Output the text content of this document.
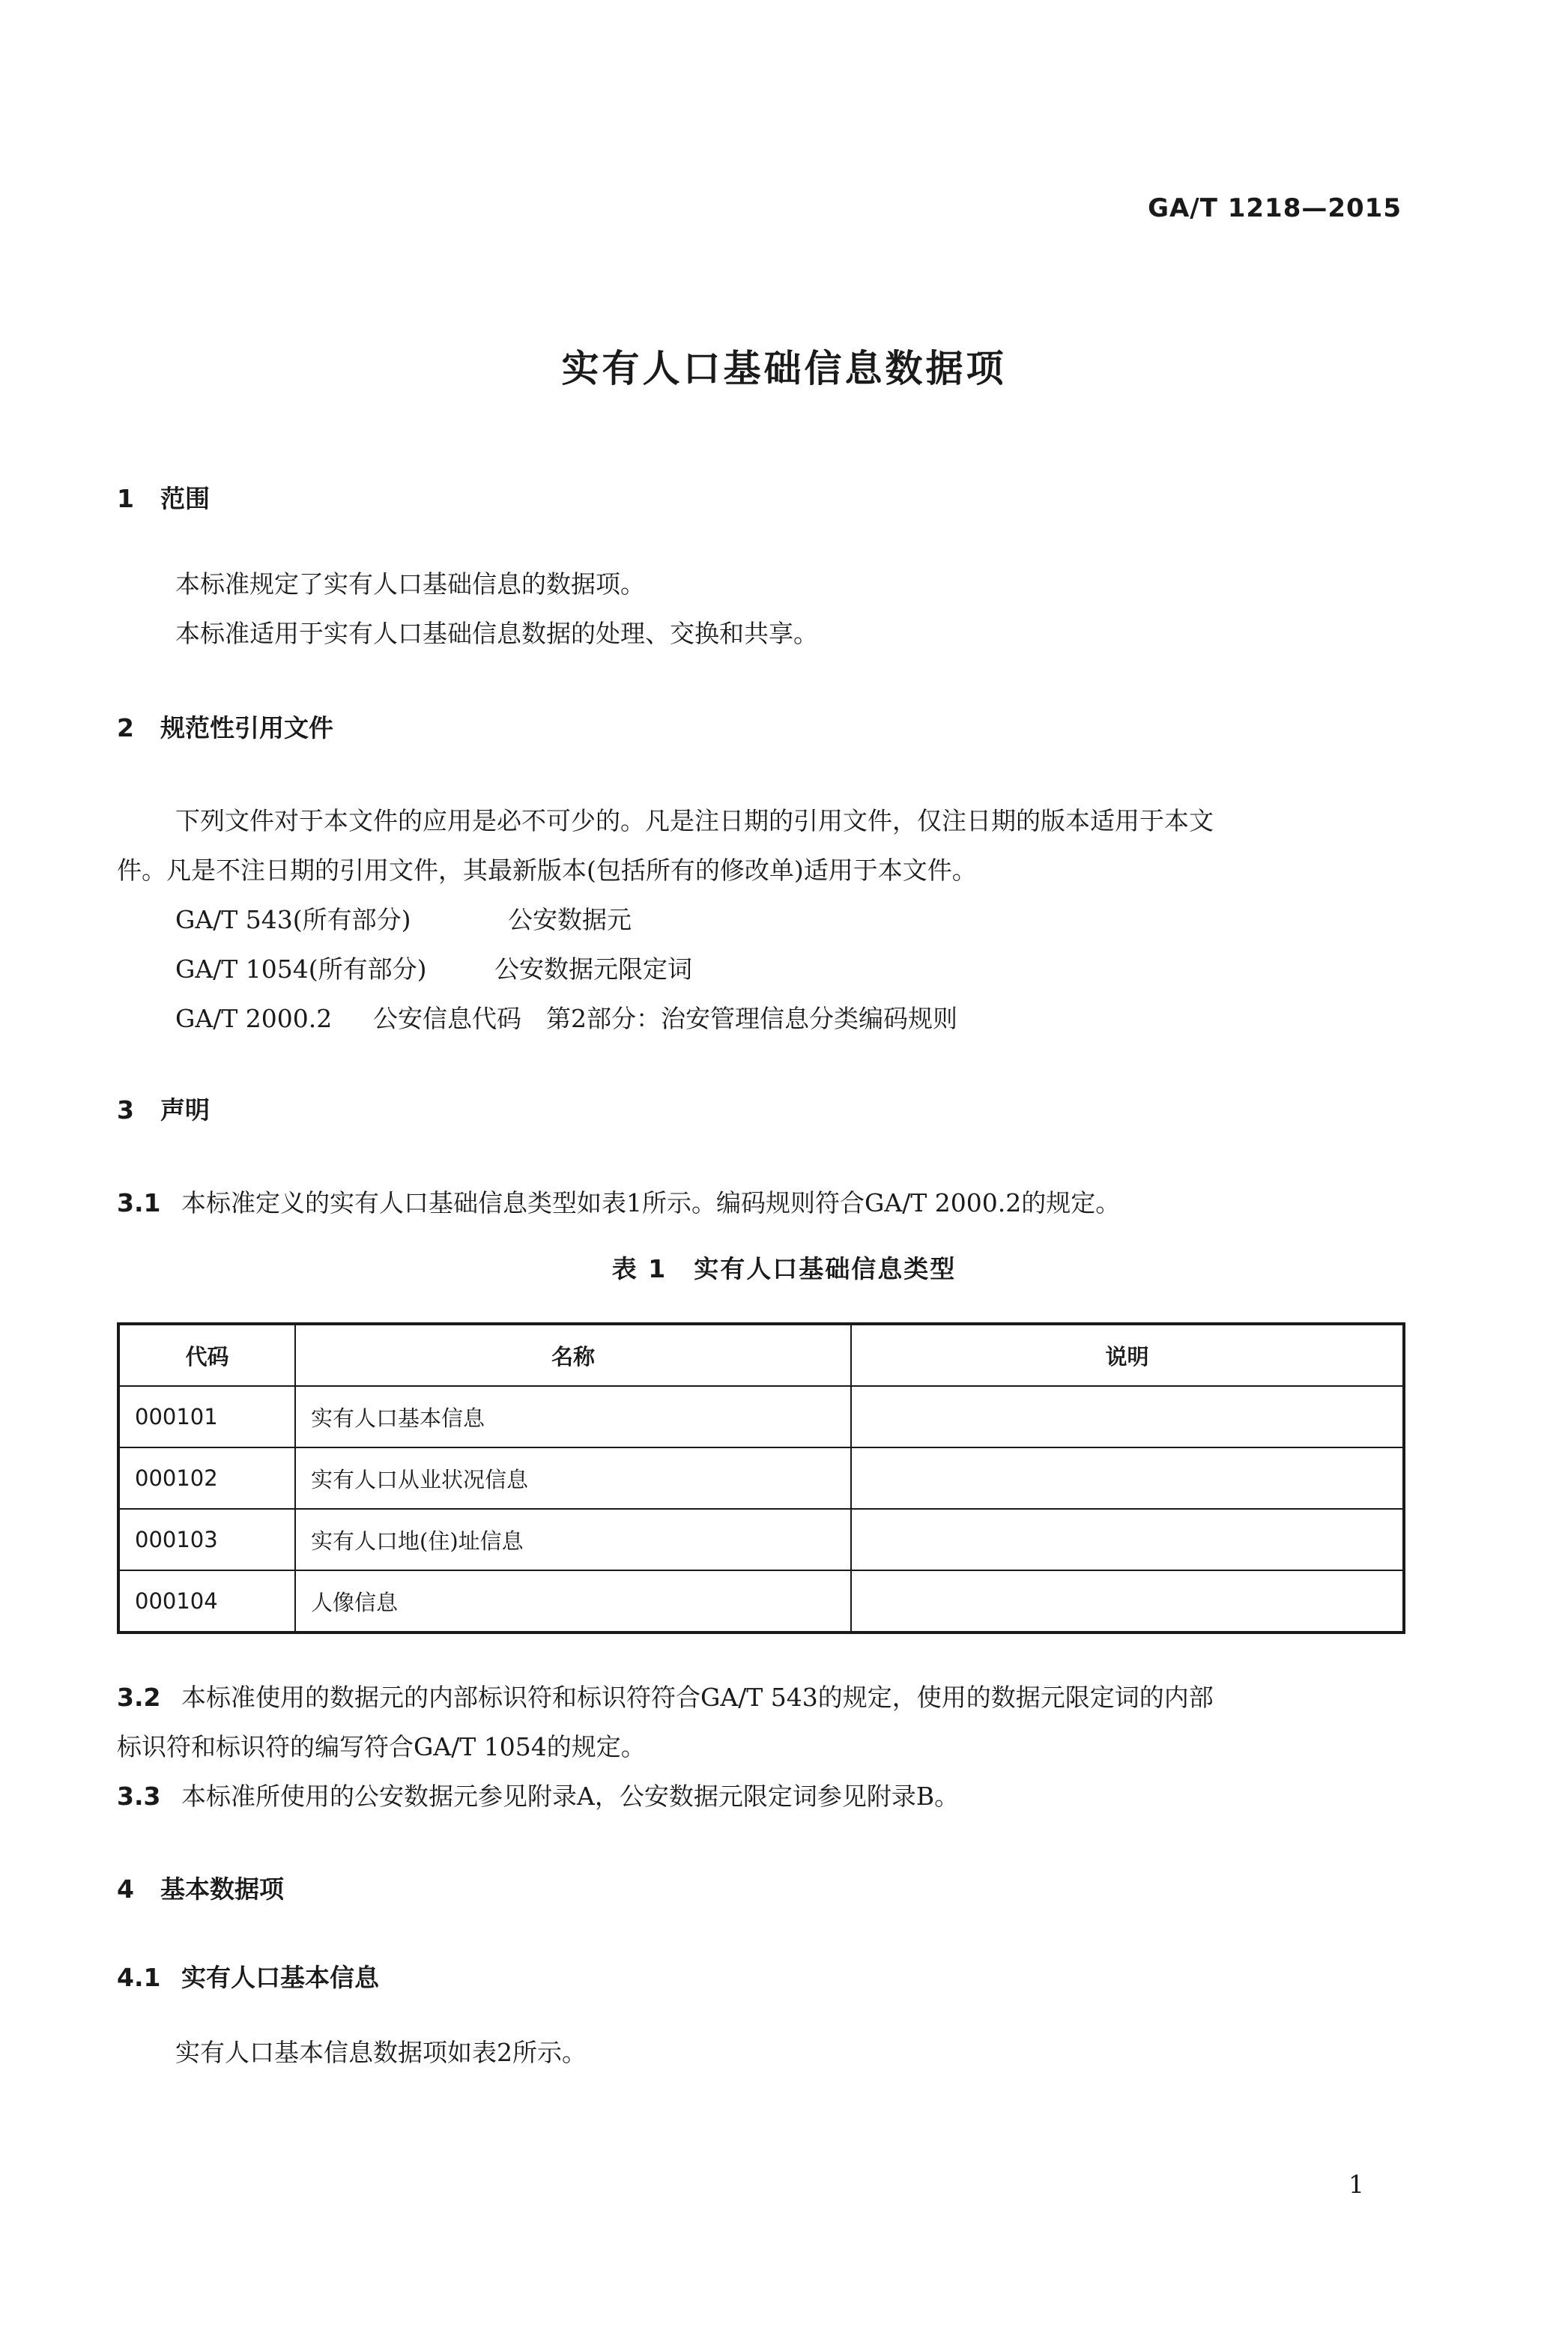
GA/T 1218—2015
实有人口基础信息数据项
1 范围
本标准规定了实有人口基础信息的数据项。
本标准适用于实有人口基础信息数据的处理、交换和共享。
2 规范性引用文件
下列文件对于本文件的应用是必不可少的。凡是注日期的引用文件，仅注日期的版本适用于本文
件。凡是不注日期的引用文件，其最新版本(包括所有的修改单)适用于本文件。
GA/T 543(所有部分)	公安数据元
GA/T 1054(所有部分)	公安数据元限定词
GA/T 2000.2 公安信息代码　第2部分：治安管理信息分类编码规则
3 声明
3.1 本标准定义的实有人口基础信息类型如表1所示。编码规则符合GA/T 2000.2的规定。
表 1 实有人口基础信息类型
代码	名称	说明
000101	实有人口基本信息	
000102	实有人口从业状况信息	
000103	实有人口地(住)址信息	
000104	人像信息	
3.2 本标准使用的数据元的内部标识符和标识符符合GA/T 543的规定，使用的数据元限定词的内部
标识符和标识符的编写符合GA/T 1054的规定。
3.3 本标准所使用的公安数据元参见附录A，公安数据元限定词参见附录B。
4 基本数据项
4.1 实有人口基本信息
实有人口基本信息数据项如表2所示。
1
